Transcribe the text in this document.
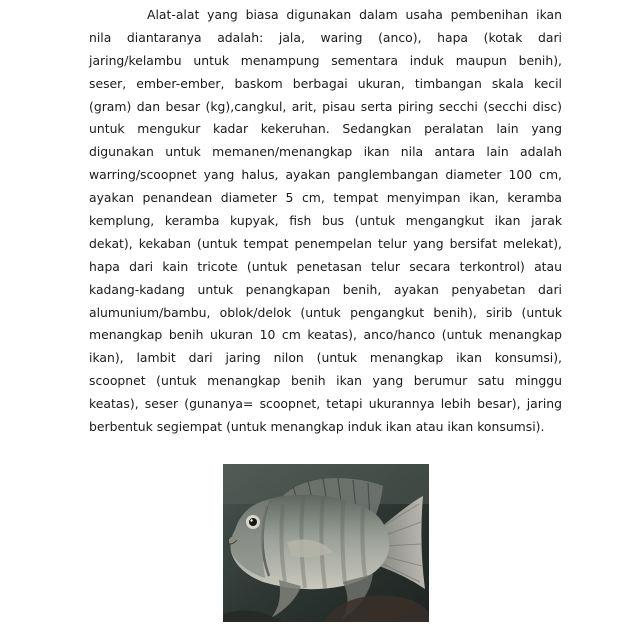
Alat-alat yang biasa digunakan dalam usaha pembenihan ikan
nila diantaranya adalah: jala, waring (anco), hapa (kotak dari
jaring/kelambu untuk menampung sementara induk maupun benih),
seser, ember-ember, baskom berbagai ukuran, timbangan skala kecil
(gram) dan besar (kg),cangkul, arit, pisau serta piring secchi (secchi disc)
untuk mengukur kadar kekeruhan. Sedangkan peralatan lain yang
digunakan untuk memanen/menangkap ikan nila antara lain adalah
warring/scoopnet yang halus, ayakan panglembangan diameter 100 cm,
ayakan penandean diameter 5 cm, tempat menyimpan ikan, keramba
kemplung, keramba kupyak, fish bus (untuk mengangkut ikan jarak
dekat), kekaban (untuk tempat penempelan telur yang bersifat melekat),
hapa dari kain tricote (untuk penetasan telur secara terkontrol) atau
kadang-kadang untuk penangkapan benih, ayakan penyabetan dari
alumunium/bambu, oblok/delok (untuk pengangkut benih), sirib (untuk
menangkap benih ukuran 10 cm keatas), anco/hanco (untuk menangkap
ikan), lambit dari jaring nilon (untuk menangkap ikan konsumsi),
scoopnet (untuk menangkap benih ikan yang berumur satu minggu
keatas), seser (gunanya= scoopnet, tetapi ukurannya lebih besar), jaring
berbentuk segiempat (untuk menangkap induk ikan atau ikan konsumsi).
